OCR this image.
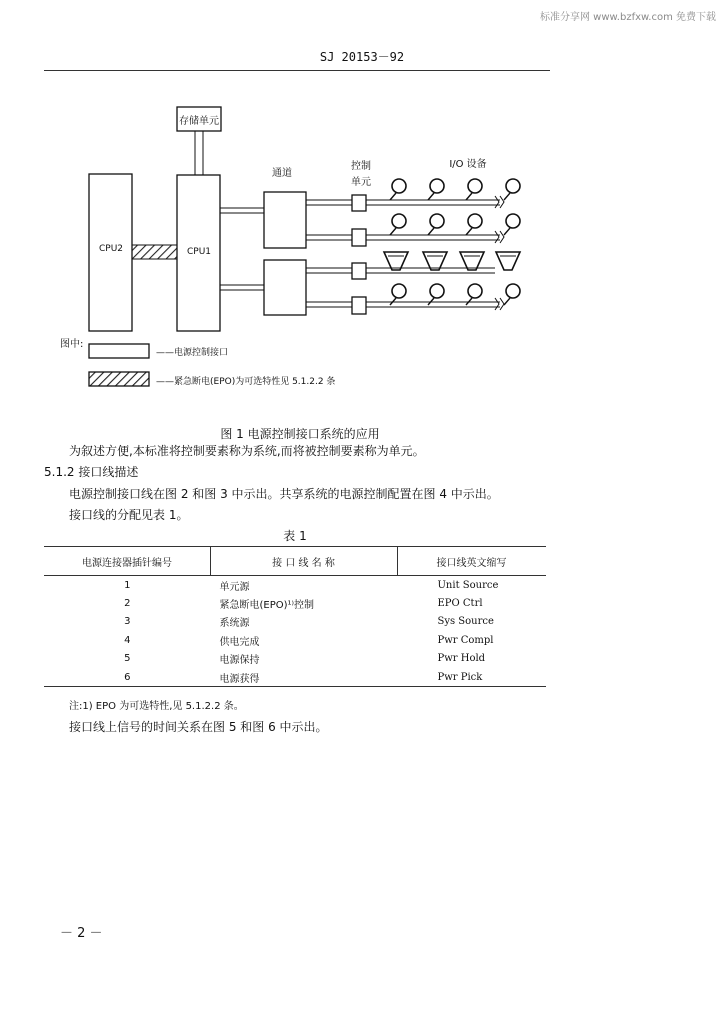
标准分享网 www.bzfxw.com 免费下载
SJ 20153－92
存储单元
CPU2	CPU1
通道
控制
单元
I/O 设备
图中:
——电源控制接口
——紧急断电(EPO)为可选特性见 5.1.2.2 条
图 1 电源控制接口系统的应用
为叙述方便,本标准将控制要素称为系统,而将被控制要素称为单元。
5.1.2 接口线描述
电源控制接口线在图 2 和图 3 中示出。共享系统的电源控制配置在图 4 中示出。
接口线的分配见表 1。
表 1
电源连接器插针编号	接 口 线 名 称	接口线英文缩写
1	单元源	Unit Source
2	紧急断电(EPO)¹⁾控制	EPO Ctrl
3	系统源	Sys Source
4	供电完成	Pwr Compl
5	电源保持	Pwr Hold
6	电源获得	Pwr Pick
注:1) EPO 为可选特性,见 5.1.2.2 条。
接口线上信号的时间关系在图 5 和图 6 中示出。
－ 2 －
